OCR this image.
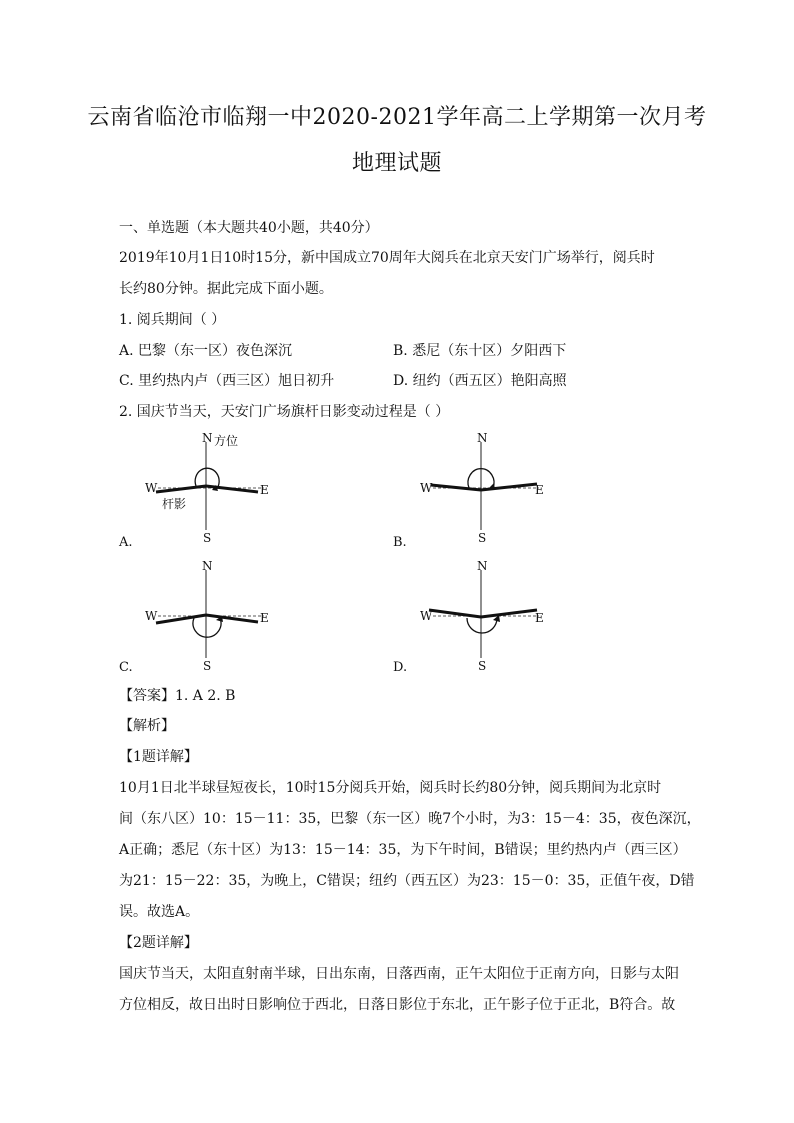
云南省临沧市临翔一中2020-2021学年高二上学期第一次月考
地理试题
一、单选题（本大题共40小题，共40分）
2019年10月1日10时15分，新中国成立70周年大阅兵在北京天安门广场举行，阅兵时
长约80分钟。据此完成下面小题。
1. 阅兵期间（ ）
A. 巴黎（东一区）夜色深沉	B. 悉尼（东十区）夕阳西下
C. 里约热内卢（西三区）旭日初升	D. 纽约（西五区）艳阳高照
2. 国庆节当天，天安门广场旗杆日影变动过程是（ ）
N
S
W	E
方位
杆影
A.
N
S
W	E
B.
N
S
W	E
C.
N
S
W	E
D.
【答案】1. A 2. B
【解析】
【1题详解】
10月1日北半球昼短夜长，10时15分阅兵开始，阅兵时长约80分钟，阅兵期间为北京时
间（东八区）10：15－11：35，巴黎（东一区）晚7个小时，为3：15－4：35，夜色深沉，
A正确；悉尼（东十区）为13：15－14：35，为下午时间，B错误；里约热内卢（西三区）
为21：15－22：35，为晚上，C错误；纽约（西五区）为23：15－0：35，正值午夜，D错
误。故选A。
【2题详解】
国庆节当天，太阳直射南半球，日出东南，日落西南，正午太阳位于正南方向，日影与太阳
方位相反，故日出时日影响位于西北，日落日影位于东北，正午影子位于正北，B符合。故
